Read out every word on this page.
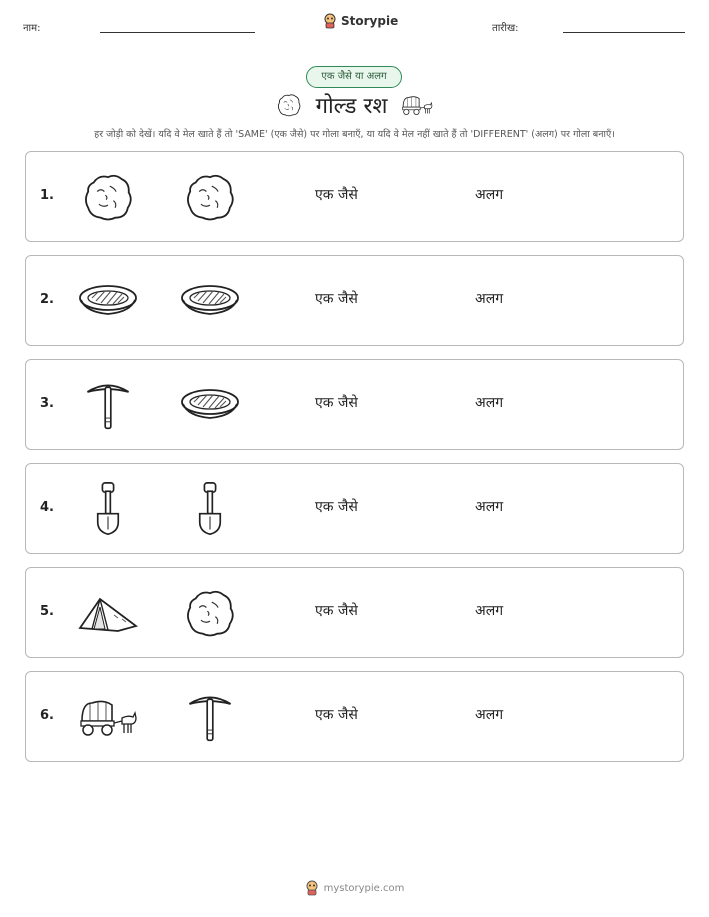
नाम:
Storypie
तारीख:
एक जैसे या अलग
गोल्ड रश
हर जोड़ी को देखें। यदि वे मेल खाते हैं तो 'SAME' (एक जैसे) पर गोला बनाएँ, या यदि वे मेल नहीं खाते हैं तो 'DIFFERENT' (अलग) पर गोला बनाएँ।
1.	एक जैसे	अलग
2.	एक जैसे	अलग
3.	एक जैसे	अलग
4.	एक जैसे	अलग
5.	एक जैसे	अलग
6.	एक जैसे	अलग
mystorypie.com
